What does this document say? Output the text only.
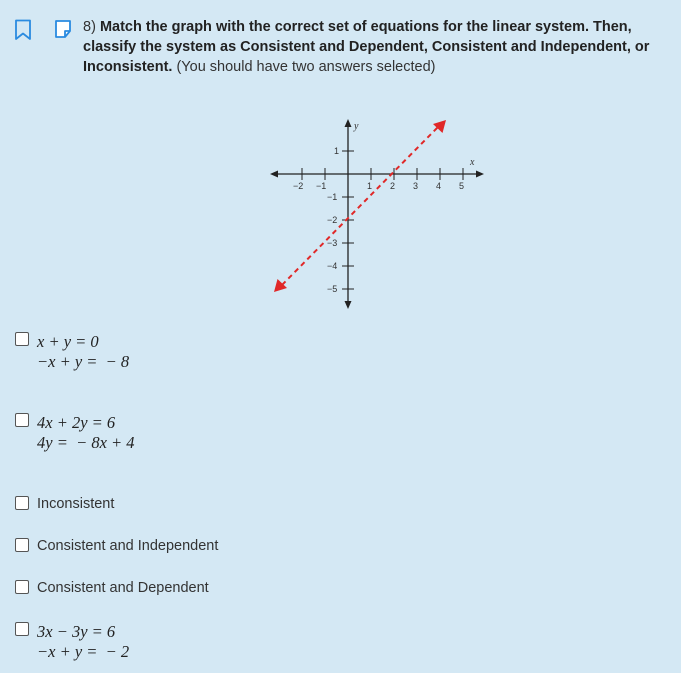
8) Match the graph with the correct set of equations for the linear system. Then, classify the system as Consistent and Dependent, Consistent and Independent, or Inconsistent. (You should have two answers selected)
−2 −1	1 2 3 4 5
1
−1
−2
−3
−4
−5
y
x
x + y = 0
−x + y =  − 8
4x + 2y = 6
4y =  − 8x + 4
Inconsistent
Consistent and Independent
Consistent and Dependent
3x − 3y = 6
−x + y =  − 2
